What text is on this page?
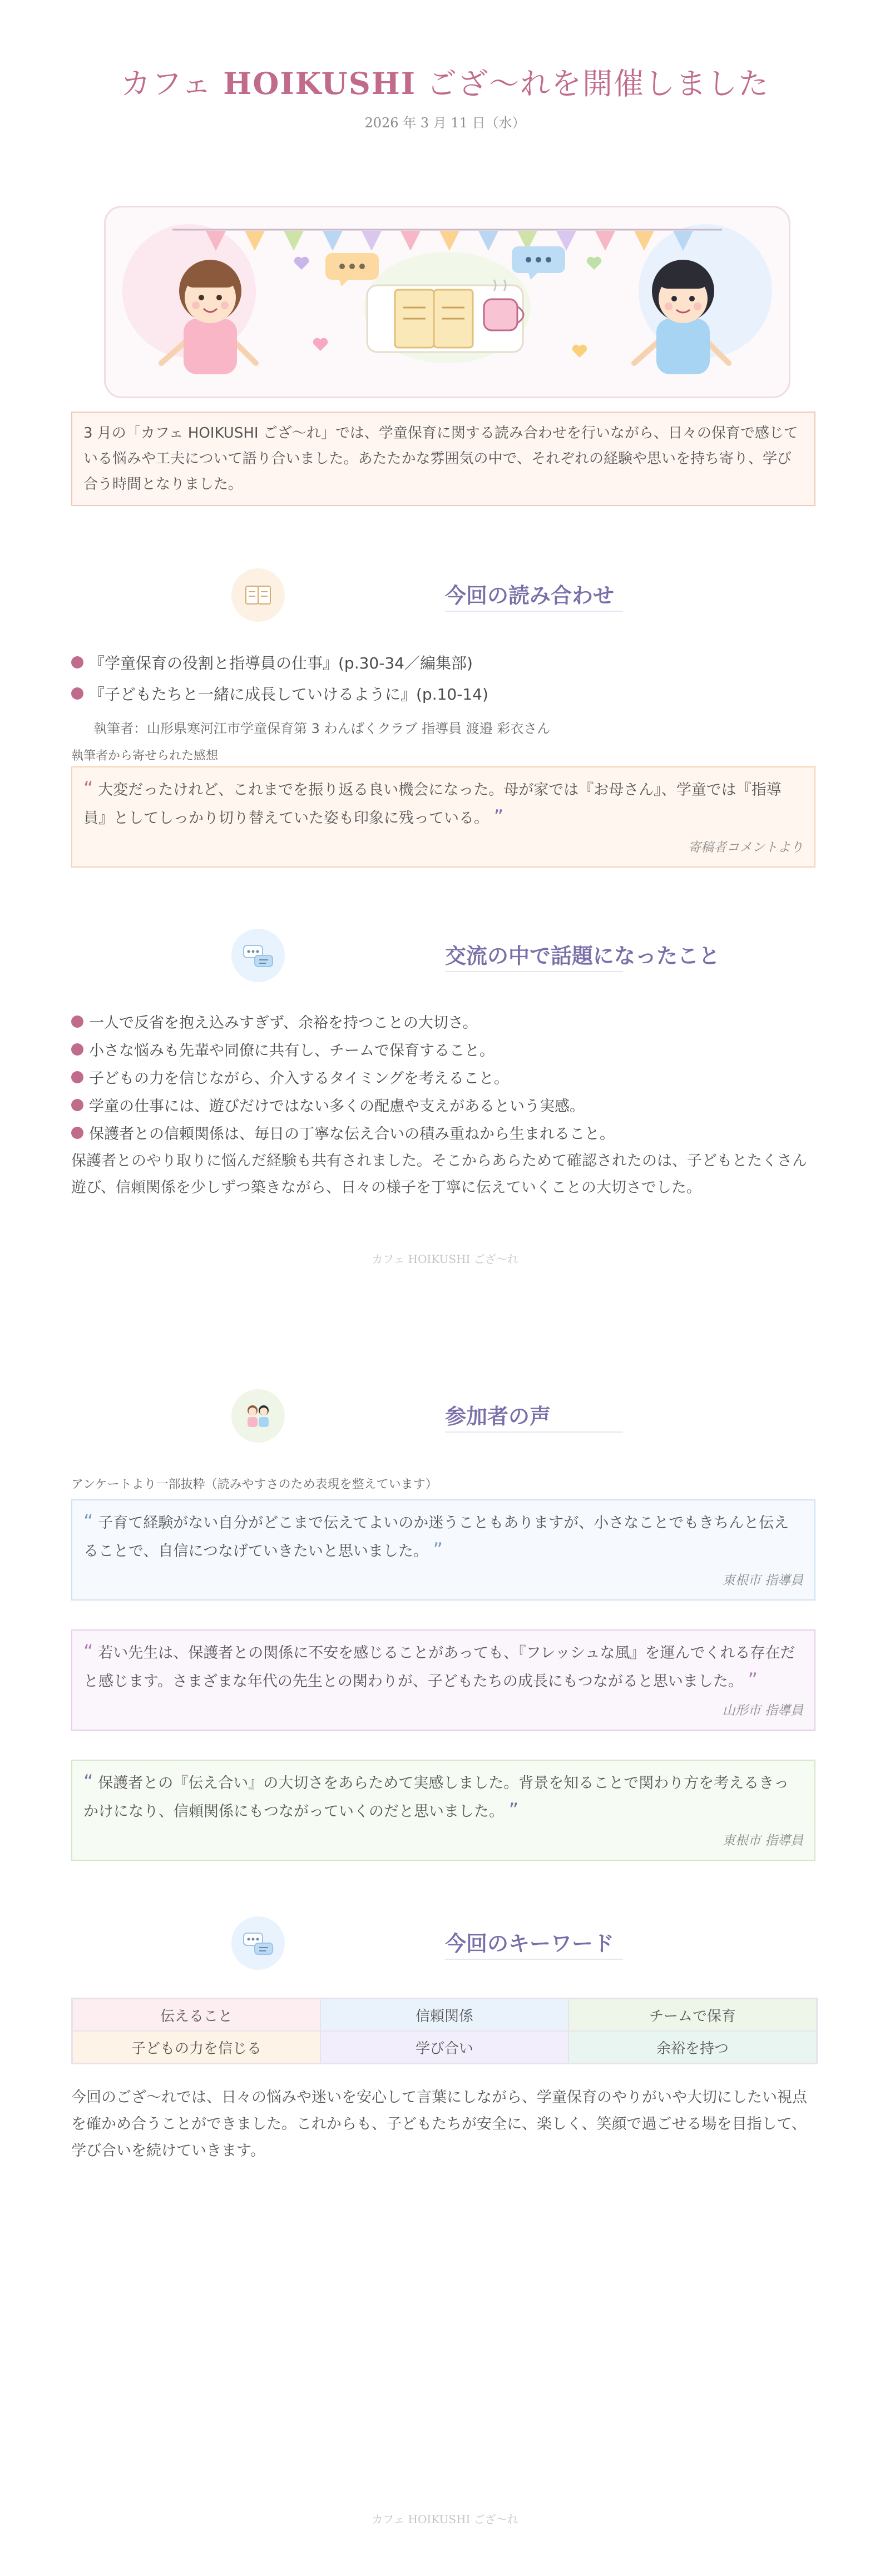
カフェ HOIKUSHI ござ〜れを開催しました
2026 年 3 月 11 日（水）
3 月の「カフェ HOIKUSHI ござ〜れ」では、学童保育に関する読み合わせを行いながら、日々の保育で感じている悩みや工夫について語り合いました。あたたかな雰囲気の中で、それぞれの経験や思いを持ち寄り、学び合う時間となりました。
今回の読み合わせ
『学童保育の役割と指導員の仕事』(p.30-34／編集部)
『子どもたちと一緒に成長していけるように』(p.10-14)
執筆者：山形県寒河江市学童保育第 3 わんぱくクラブ 指導員 渡邉 彩衣さん
執筆者から寄せられた感想
“ 大変だったけれど、これまでを振り返る良い機会になった。母が家では『お母さん』、学童では『指導員』としてしっかり切り替えていた姿も印象に残っている。 ”
寄稿者コメントより
交流の中で話題になったこと
一人で反省を抱え込みすぎず、余裕を持つことの大切さ。
小さな悩みも先輩や同僚に共有し、チームで保育すること。
子どもの力を信じながら、介入するタイミングを考えること。
学童の仕事には、遊びだけではない多くの配慮や支えがあるという実感。
保護者との信頼関係は、毎日の丁寧な伝え合いの積み重ねから生まれること。
保護者とのやり取りに悩んだ経験も共有されました。そこからあらためて確認されたのは、子どもとたくさん遊び、信頼関係を少しずつ築きながら、日々の様子を丁寧に伝えていくことの大切さでした。
カフェ HOIKUSHI ござ〜れ
参加者の声
アンケートより一部抜粋（読みやすさのため表現を整えています）
“ 子育て経験がない自分がどこまで伝えてよいのか迷うこともありますが、小さなことでもきちんと伝えることで、自信につなげていきたいと思いました。 ”
東根市 指導員
“ 若い先生は、保護者との関係に不安を感じることがあっても、『フレッシュな風』を運んでくれる存在だと感じます。さまざまな年代の先生との関わりが、子どもたちの成長にもつながると思いました。 ”
山形市 指導員
“ 保護者との『伝え合い』の大切さをあらためて実感しました。背景を知ることで関わり方を考えるきっかけになり、信頼関係にもつながっていくのだと思いました。 ”
東根市 指導員
今回のキーワード
伝えること	信頼関係	チームで保育
子どもの力を信じる	学び合い	余裕を持つ
今回のござ〜れでは、日々の悩みや迷いを安心して言葉にしながら、学童保育のやりがいや大切にしたい視点を確かめ合うことができました。これからも、子どもたちが安全に、楽しく、笑顔で過ごせる場を目指して、学び合いを続けていきます。
カフェ HOIKUSHI ござ〜れ
